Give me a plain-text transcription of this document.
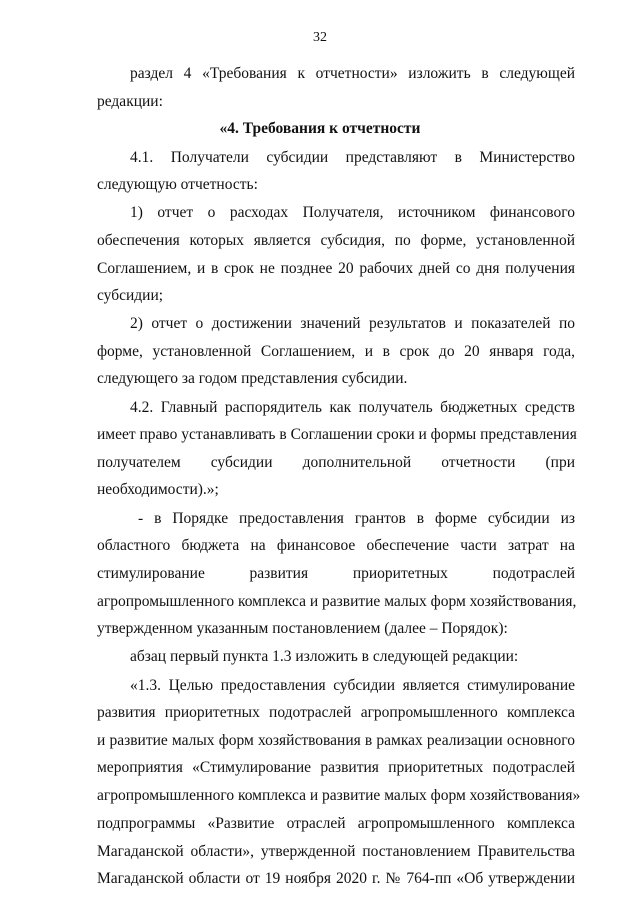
32
раздел 4 «Требования к отчетности» изложить в следующей
редакции:
«4. Требования к отчетности
4.1. Получатели субсидии представляют в Министерство
следующую отчетность:
1) отчет о расходах Получателя, источником финансового
обеспечения которых является субсидия, по форме, установленной
Соглашением, и в срок не позднее 20 рабочих дней со дня получения
субсидии;
2) отчет о достижении значений результатов и показателей по
форме, установленной Соглашением, и в срок до 20 января года,
следующего за годом представления субсидии.
4.2. Главный распорядитель как получатель бюджетных средств
имеет право устанавливать в Соглашении сроки и формы представления
получателем субсидии дополнительной отчетности (при
необходимости).»;
- в Порядке предоставления грантов в форме субсидии из
областного бюджета на финансовое обеспечение части затрат на
стимулирование развития приоритетных подотраслей
агропромышленного комплекса и развитие малых форм хозяйствования,
утвержденном указанным постановлением (далее – Порядок):
абзац первый пункта 1.3 изложить в следующей редакции:
«1.3. Целью предоставления субсидии является стимулирование
развития приоритетных подотраслей агропромышленного комплекса
и развитие малых форм хозяйствования в рамках реализации основного
мероприятия «Стимулирование развития приоритетных подотраслей
агропромышленного комплекса и развитие малых форм хозяйствования»
подпрограммы «Развитие отраслей агропромышленного комплекса
Магаданской области», утвержденной постановлением Правительства
Магаданской области от 19 ноября 2020 г. № 764-пп «Об утверждении
